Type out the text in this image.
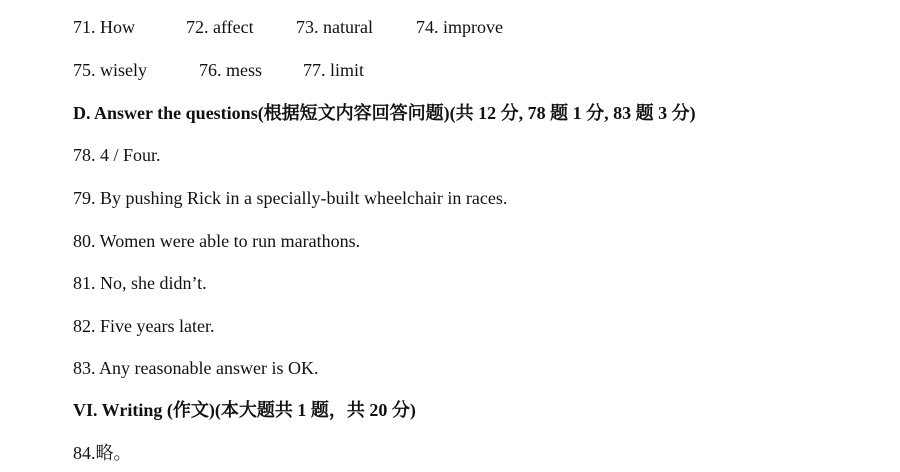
71. How	72. affect 73. natural 74. improve
75. wisely	76. mess 77. limit
D. Answer the questions(根据短文内容回答问题)(共 12 分, 78 题 1 分, 83 题 3 分)
78. 4 / Four.
79. By pushing Rick in a specially-built wheelchair in races.
80. Women were able to run marathons.
81. No, she didn’t.
82. Five years later.
83. Any reasonable answer is OK.
VI. Writing (作文)(本大题共 1 题，共 20 分)
84.略。
